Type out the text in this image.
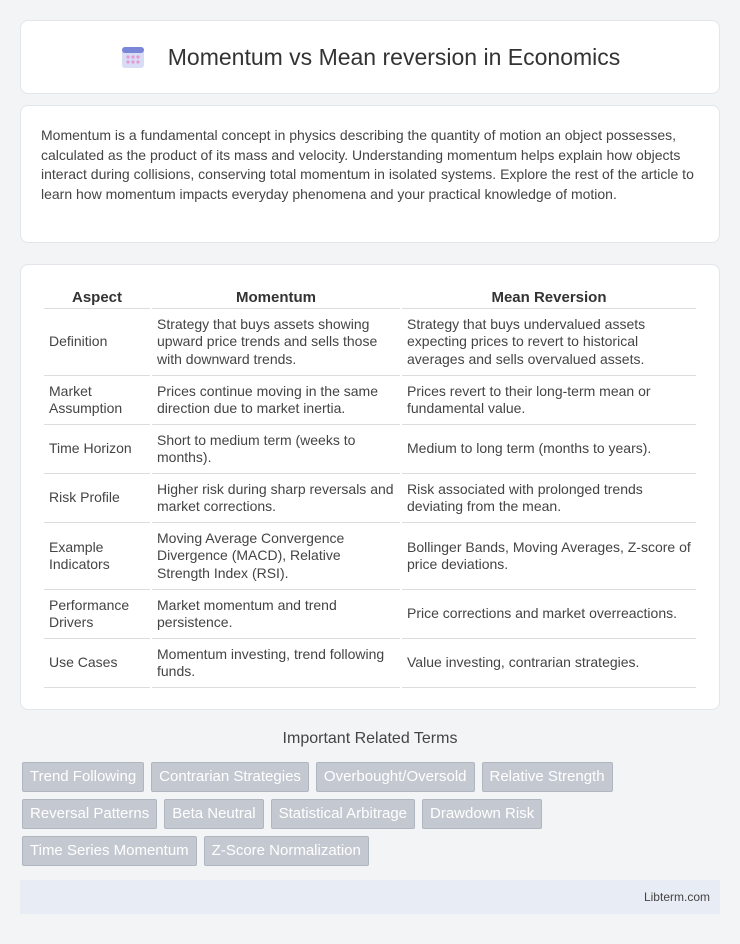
Momentum vs Mean reversion in Economics

Momentum is a fundamental concept in physics describing the quantity of motion an object possesses, calculated as the product of its mass and velocity. Understanding momentum helps explain how objects interact during collisions, conserving total momentum in isolated systems. Explore the rest of the article to learn how momentum impacts everyday phenomena and your practical knowledge of motion.

Aspect	Momentum	Mean Reversion
Definition	Strategy that buys assets showing upward price trends and sells those with downward trends.	Strategy that buys undervalued assets expecting prices to revert to historical averages and sells overvalued assets.
Market Assumption	Prices continue moving in the same direction due to market inertia.	Prices revert to their long-term mean or fundamental value.
Time Horizon	Short to medium term (weeks to months).	Medium to long term (months to years).
Risk Profile	Higher risk during sharp reversals and market corrections.	Risk associated with prolonged trends deviating from the mean.
Example Indicators	Moving Average Convergence Divergence (MACD), Relative Strength Index (RSI).	Bollinger Bands, Moving Averages, Z-score of price deviations.
Performance Drivers	Market momentum and trend persistence.	Price corrections and market overreactions.
Use Cases	Momentum investing, trend following funds.	Value investing, contrarian strategies.
Important Related Terms
Trend Following	Contrarian Strategies	Overbought/Oversold	Relative Strength
Reversal Patterns	Beta Neutral	Statistical Arbitrage	Drawdown Risk
Time Series Momentum	Z-Score Normalization
Libterm.com
